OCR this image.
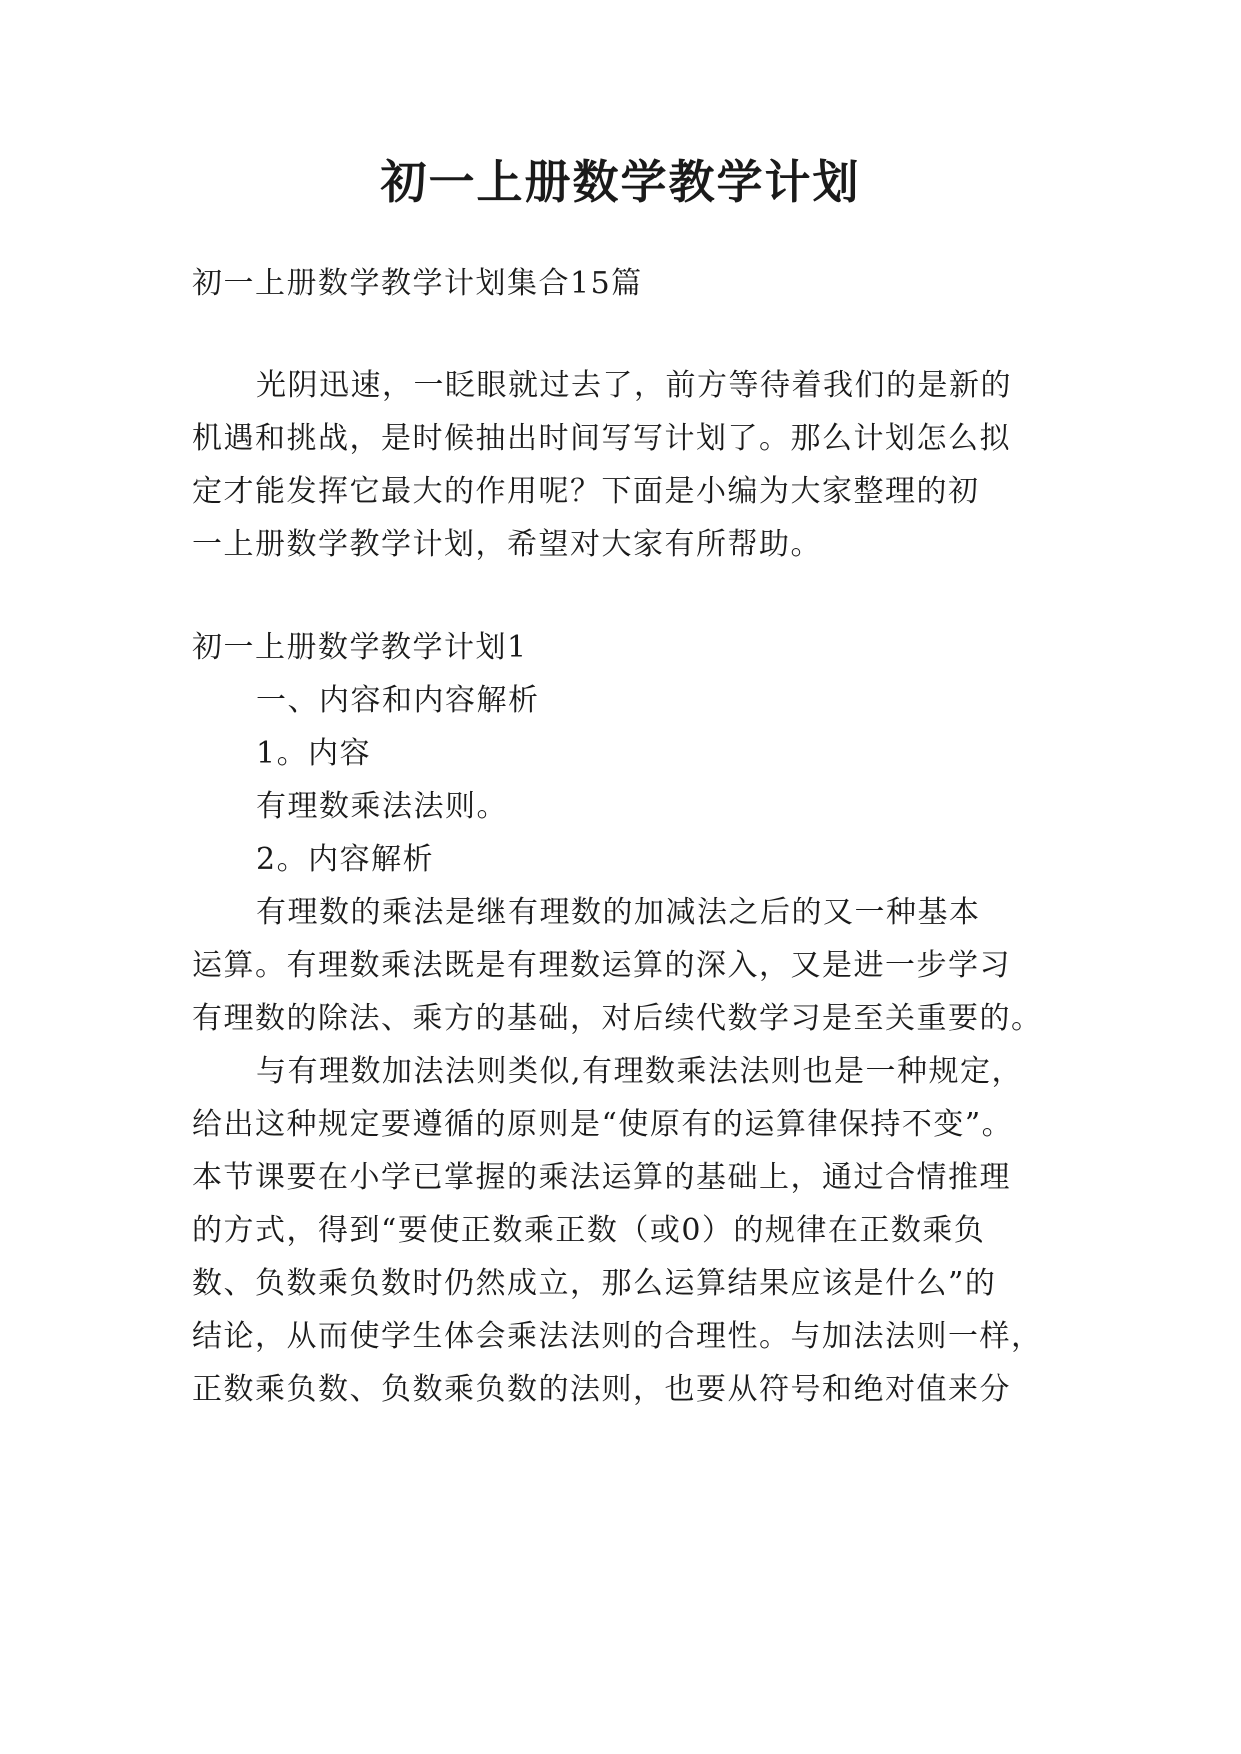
初一上册数学教学计划
初一上册数学教学计划集合15篇
光阴迅速，一眨眼就过去了，前方等待着我们的是新的
机遇和挑战，是时候抽出时间写写计划了。那么计划怎么拟
定才能发挥它最大的作用呢？下面是小编为大家整理的初
一上册数学教学计划，希望对大家有所帮助。
初一上册数学教学计划1
一、内容和内容解析
1。内容
有理数乘法法则。
2。内容解析
有理数的乘法是继有理数的加减法之后的又一种基本
运算。有理数乘法既是有理数运算的深入，又是进一步学习
有理数的除法、乘方的基础，对后续代数学习是至关重要的。
与有理数加法法则类似,有理数乘法法则也是一种规定，
给出这种规定要遵循的原则是“使原有的运算律保持不变”。
本节课要在小学已掌握的乘法运算的基础上，通过合情推理
的方式，得到“要使正数乘正数（或0）的规律在正数乘负
数、负数乘负数时仍然成立，那么运算结果应该是什么”的
结论，从而使学生体会乘法法则的合理性。与加法法则一样，
正数乘负数、负数乘负数的法则，也要从符号和绝对值来分
